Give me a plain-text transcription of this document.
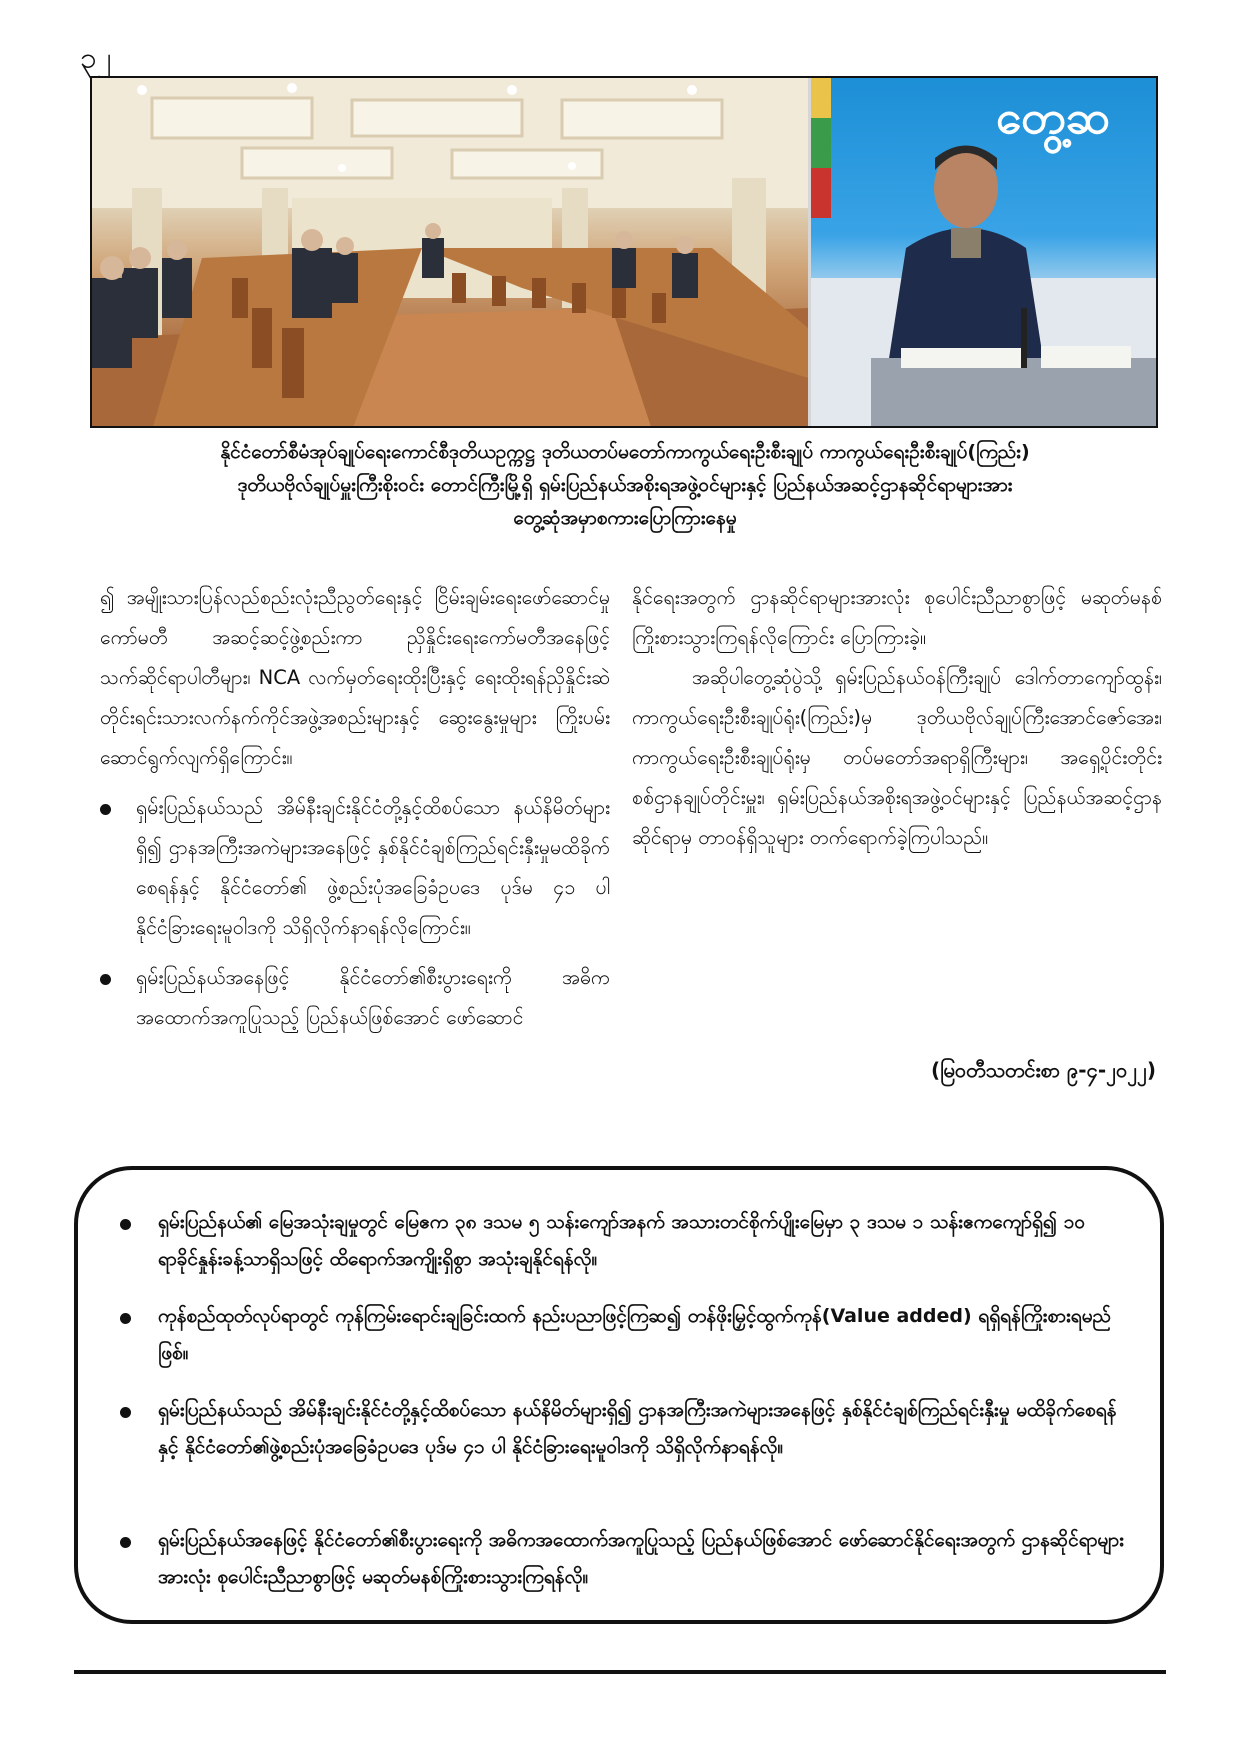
၃၂
တွေ့ဆ
နိုင်ငံတော်စီမံအုပ်ချုပ်ရေးကောင်စီဒုတိယဥက္ကဋ္ဌ ဒုတိယတပ်မတော်ကာကွယ်ရေးဦးစီးချုပ် ကာကွယ်ရေးဦးစီးချုပ်(ကြည်း)
ဒုတိယဗိုလ်ချုပ်မှူးကြီးစိုးဝင်း တောင်ကြီးမြို့ရှိ ရှမ်းပြည်နယ်အစိုးရအဖွဲ့ဝင်များနှင့် ပြည်နယ်အဆင့်ဌာနဆိုင်ရာများအား
တွေ့ဆုံအမှာစကားပြောကြားနေမှု

၍ အမျိုးသားပြန်လည်စည်းလုံးညီညွတ်ရေးနှင့် ငြိမ်းချမ်းရေးဖော်ဆောင်မှုကော်မတီ အဆင့်ဆင့်ဖွဲ့စည်းကာ ညှိနှိုင်းရေးကော်မတီအနေဖြင့် သက်ဆိုင်ရာပါတီများ၊ NCA လက်မှတ်ရေးထိုးပြီးနှင့် ရေးထိုးရန်ညှိနှိုင်းဆဲ တိုင်းရင်းသားလက်နက်ကိုင်အဖွဲ့အစည်းများနှင့် ဆွေးနွေးမှုများ ကြိုးပမ်းဆောင်ရွက်လျက်ရှိကြောင်း။

ရှမ်းပြည်နယ်သည် အိမ်နီးချင်းနိုင်ငံတို့နှင့်ထိစပ်သော နယ်နိမိတ်များရှိ၍ ဌာနအကြီးအကဲများအနေဖြင့် နှစ်နိုင်ငံချစ်ကြည်ရင်းနှီးမှုမထိခိုက်စေရန်နှင့် နိုင်ငံတော်၏ ဖွဲ့စည်းပုံအခြေခံဥပဒေ ပုဒ်မ ၄၁ ပါ နိုင်ငံခြားရေးမူဝါဒကို သိရှိလိုက်နာရန်လိုကြောင်း။
ရှမ်းပြည်နယ်အနေဖြင့် နိုင်ငံတော်၏စီးပွားရေးကို အဓိကအထောက်အကူပြုသည့် ပြည်နယ်ဖြစ်အောင် ဖော်ဆောင်

နိုင်ရေးအတွက် ဌာနဆိုင်ရာများအားလုံး စုပေါင်းညီညာစွာဖြင့် မဆုတ်မနစ်ကြိုးစားသွားကြရန်လိုကြောင်း ပြောကြားခဲ့။

အဆိုပါတွေ့ဆုံပွဲသို့ ရှမ်းပြည်နယ်ဝန်ကြီးချုပ် ဒေါက်တာကျော်ထွန်း၊ ကာကွယ်ရေးဦးစီးချုပ်ရုံး(ကြည်း)မှ ဒုတိယဗိုလ်ချုပ်ကြီးအောင်ဇော်အေး၊ ကာကွယ်ရေးဦးစီးချုပ်ရုံးမှ တပ်မတော်အရာရှိကြီးများ၊ အရှေ့ပိုင်းတိုင်းစစ်ဌာနချုပ်တိုင်းမှူး၊ ရှမ်းပြည်နယ်အစိုးရအဖွဲ့ဝင်များနှင့် ပြည်နယ်အဆင့်ဌာနဆိုင်ရာမှ တာဝန်ရှိသူများ တက်ရောက်ခဲ့ကြပါသည်။

(မြဝတီသတင်းစာ ၉-၄-၂၀၂၂)
ရှမ်းပြည်နယ်၏ မြေအသုံးချမှုတွင် မြေဧက ၃၈ ဒသမ ၅ သန်းကျော်အနက် အသားတင်စိုက်ပျိုးမြေမှာ ၃ ဒသမ ၁ သန်းဧကကျော်ရှိ၍ ၁၀ ရာခိုင်နှုန်းခန့်သာရှိသဖြင့် ထိရောက်အကျိုးရှိစွာ အသုံးချနိုင်ရန်လို။
ကုန်စည်ထုတ်လုပ်ရာတွင် ကုန်ကြမ်းရောင်းချခြင်းထက် နည်းပညာဖြင့်ကြဆ၍ တန်ဖိုးမြှင့်ထွက်ကုန်(Value added) ရရှိရန်ကြိုးစားရမည်ဖြစ်။
ရှမ်းပြည်နယ်သည် အိမ်နီးချင်းနိုင်ငံတို့နှင့်ထိစပ်သော နယ်နိမိတ်များရှိ၍ ဌာနအကြီးအကဲများအနေဖြင့် နှစ်နိုင်ငံချစ်ကြည်ရင်းနှီးမှု မထိခိုက်စေရန်နှင့် နိုင်ငံတော်၏ဖွဲ့စည်းပုံအခြေခံဥပဒေ ပုဒ်မ ၄၁ ပါ နိုင်ငံခြားရေးမူဝါဒကို သိရှိလိုက်နာရန်လို။
ရှမ်းပြည်နယ်အနေဖြင့် နိုင်ငံတော်၏စီးပွားရေးကို အဓိကအထောက်အကူပြုသည့် ပြည်နယ်ဖြစ်အောင် ဖော်ဆောင်နိုင်ရေးအတွက် ဌာနဆိုင်ရာများအားလုံး စုပေါင်းညီညာစွာဖြင့် မဆုတ်မနစ်ကြိုးစားသွားကြရန်လို။
